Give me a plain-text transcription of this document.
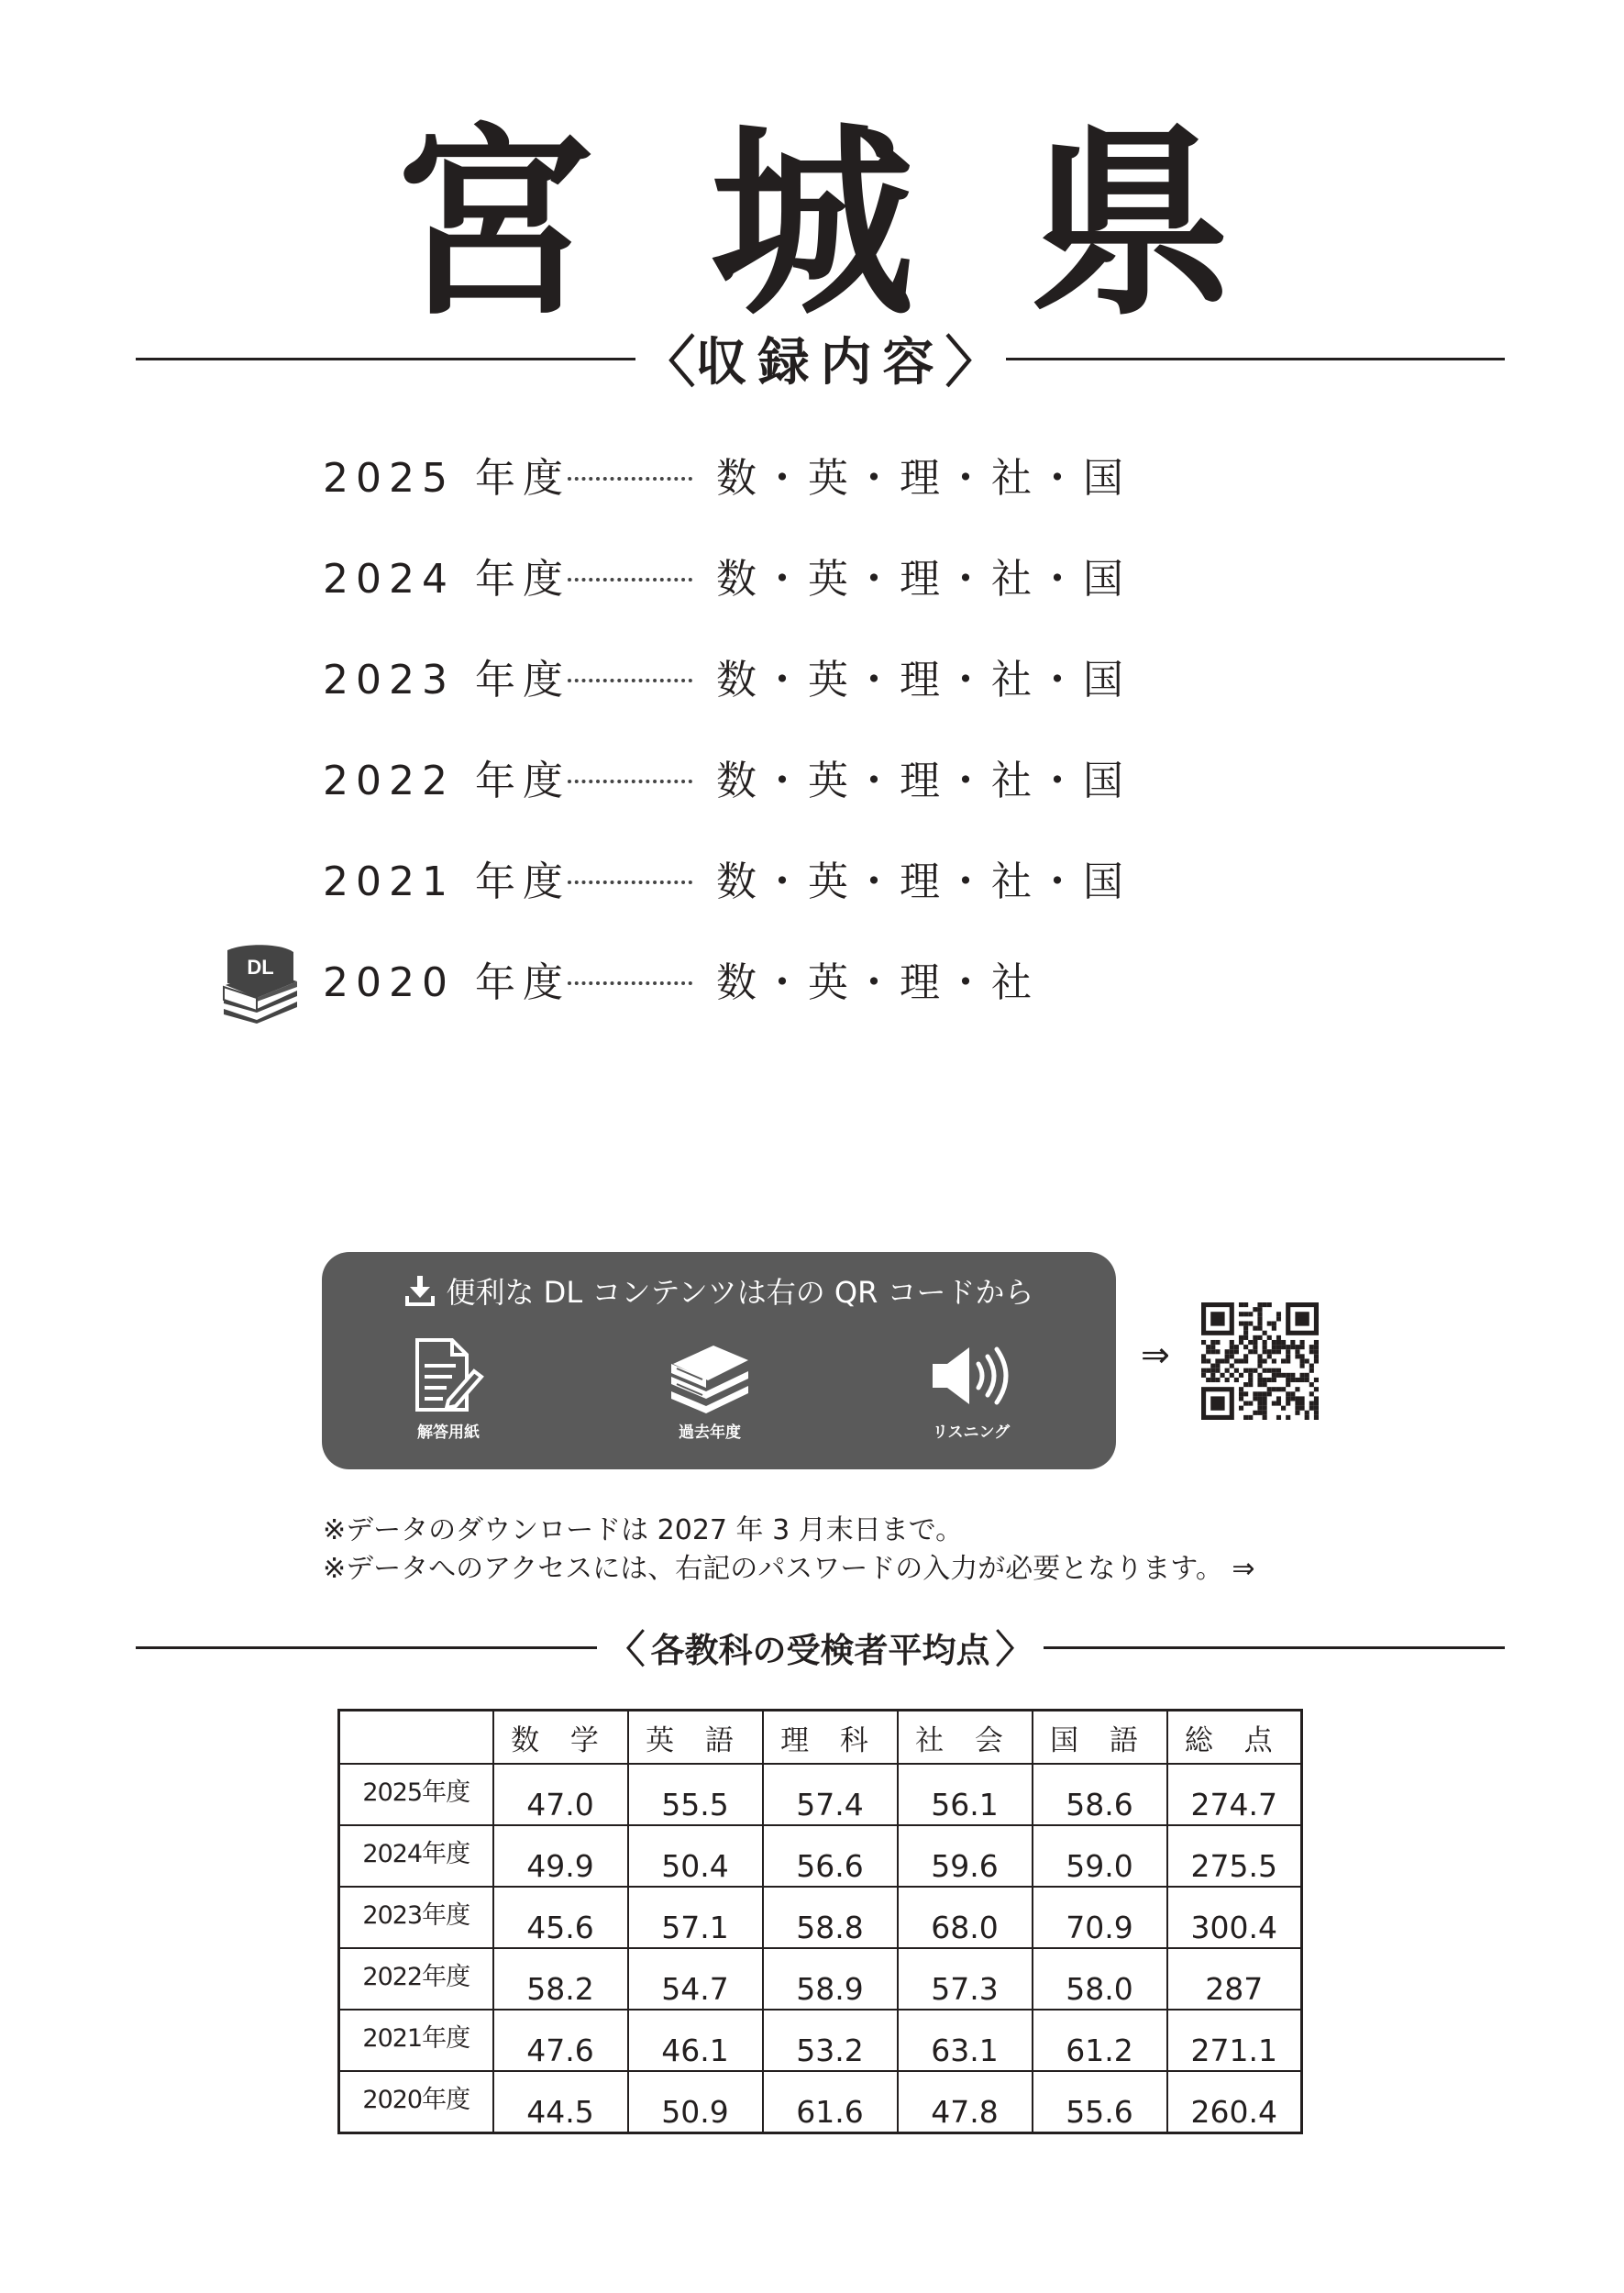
宮 城 県
〈 収録内容 〉
2025 年度	数・英・理・社・国
2024 年度	数・英・理・社・国
2023 年度	数・英・理・社・国
2022 年度	数・英・理・社・国
2021 年度	数・英・理・社・国
DL 2020 年度	数・英・理・社
便利な DL コンテンツは右の QR コードから
解答用紙	過去年度	リスニング
⇒
※データのダウンロードは 2027 年 3 月末日まで。
※データへのアクセスには、右記のパスワードの入力が必要となります。 ⇒
〈 各教科の受検者平均点 〉
	数 学	英 語	理 科	社 会	国 語	総 点
2025年度	47.0	55.5	57.4	56.1	58.6	274.7
2024年度	49.9	50.4	56.6	59.6	59.0	275.5
2023年度	45.6	57.1	58.8	68.0	70.9	300.4
2022年度	58.2	54.7	58.9	57.3	58.0	287
2021年度	47.6	46.1	53.2	63.1	61.2	271.1
2020年度	44.5	50.9	61.6	47.8	55.6	260.4
